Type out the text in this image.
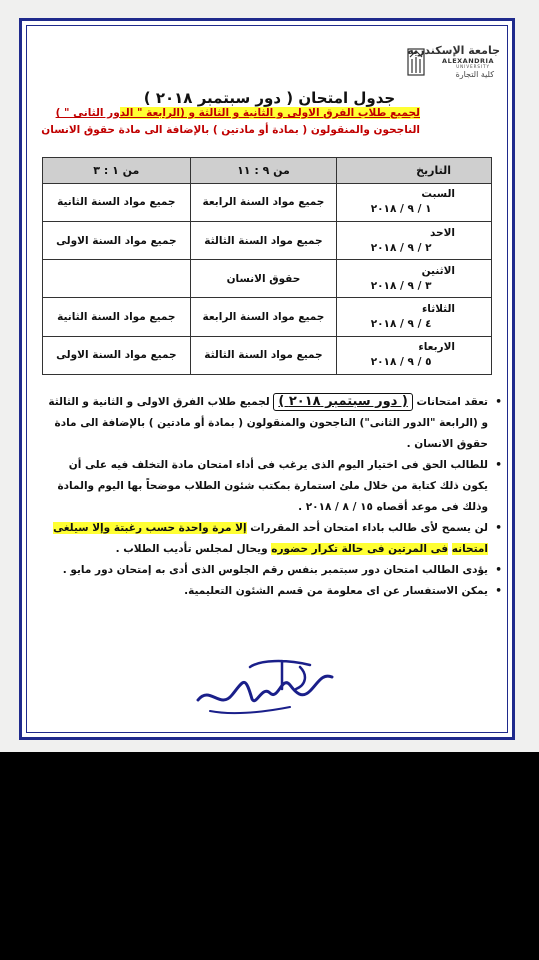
جامعة الإسكندرية
ALEXANDRIA
UNIVERSITY
كلية التجارة
جدول امتحان ( دور سبتمبر ٢٠١٨ )
لجميع طلاب الفرق الاولى و الثانية و الثالثة و (الرابعة " الدور الثانى " )
الناجحون والمنقولون ( بمادة أو مادتين ) بالإضافة الى مادة حقوق الانسان
التاريخ	من ٩ : ١١	من ١ : ٣

السبت
١ / ٩ / ٢٠١٨	جميع مواد السنة الرابعة	جميع مواد السنة الثانية

الاحد
٢ / ٩ / ٢٠١٨	جميع مواد السنة الثالثة	جميع مواد السنة الاولى

الاثنين
٣ / ٩ / ٢٠١٨	حقوق الانسان	

الثلاثاء
٤ / ٩ / ٢٠١٨	جميع مواد السنة الرابعة	جميع مواد السنة الثانية

الاربعاء
٥ / ٩ / ٢٠١٨	جميع مواد السنة الثالثة	جميع مواد السنة الاولى

•
تعقد امتحانات ( دور سبتمبر ٢٠١٨ ) لجميع طلاب الفرق الاولى و الثانية و الثالثة و (الرابعة "الدور الثانى") الناجحون والمنقولون ( بمادة أو مادتين ) بالإضافة الى مادة حقوق الانسان .

•
للطالب الحق فى اختيار اليوم الذى يرغب فى أداء امتحان مادة التخلف فيه على أن يكون ذلك كتابة من خلال ملئ استمارة بمكتب شئون الطلاب موضحاً بها اليوم والمادة وذلك فى موعد أقصاه ١٥ / ٨ / ٢٠١٨ .

•
لن يسمح لأى طالب باداء امتحان أحد المقررات إلا مرة واحدة حسب رغبتة وإلا سيلغى امتحانه فى المرتين فى حالة تكرار حضوره ويحال لمجلس تأديب الطلاب .

•
يؤدى الطالب امتحان دور سبتمبر بنفس رقم الجلوس الذى أدى به إمتحان دور مايو .

•
يمكن الاستفسار عن اى معلومة من قسم الشئون التعليمية.
